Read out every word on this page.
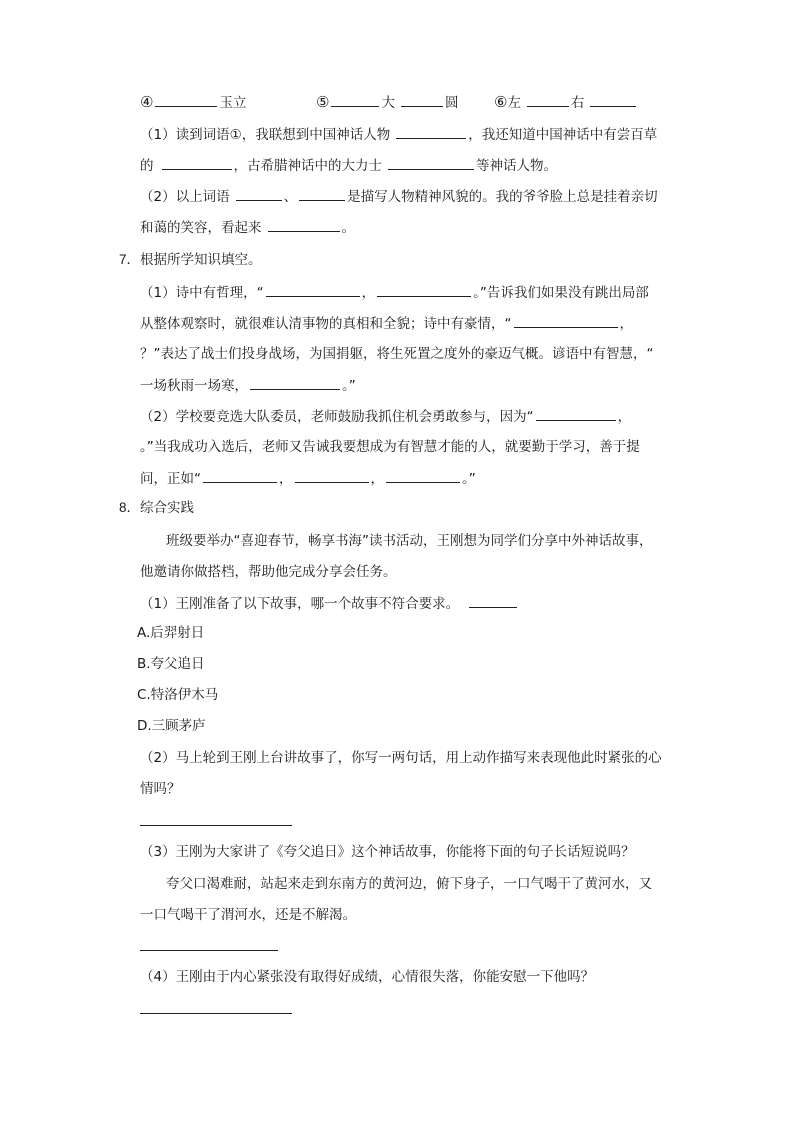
④	玉立	⑤	大	圆 ⑥左	右
（1）读到词语①，我联想到中国神话人物	，我还知道中国神话中有尝百草
的	，古希腊神话中的大力士	等神话人物。
（2）以上词语	、	是描写人物精神风貌的。我的爷爷脸上总是挂着亲切
和蔼的笑容，看起来	。
7．根据所学知识填空。
（1）诗中有哲理，“	，	。”告诉我们如果没有跳出局部
从整体观察时，就很难认清事物的真相和全貌；诗中有豪情，“	，
？”表达了战士们投身战场，为国捐躯，将生死置之度外的豪迈气概。谚语中有智慧，“
一场秋雨一场寒，	。”
（2）学校要竞选大队委员，老师鼓励我抓住机会勇敢参与，因为“	，
。”当我成功入选后，老师又告诫我要想成为有智慧才能的人，就要勤于学习，善于提
问，正如“	，	，	。”
8．综合实践
班级要举办“喜迎春节，畅享书海”读书活动，王刚想为同学们分享中外神话故事，
他邀请你做搭档，帮助他完成分享会任务。
（1）王刚准备了以下故事，哪一个故事不符合要求。
A.后羿射日
B.夸父追日
C.特洛伊木马
D.三顾茅庐
（2）马上轮到王刚上台讲故事了，你写一两句话，用上动作描写来表现他此时紧张的心
情吗？
（3）王刚为大家讲了《夸父追日》这个神话故事，你能将下面的句子长话短说吗？
夸父口渴难耐，站起来走到东南方的黄河边，俯下身子，一口气喝干了黄河水，又
一口气喝干了渭河水，还是不解渴。
（4）王刚由于内心紧张没有取得好成绩，心情很失落，你能安慰一下他吗？
